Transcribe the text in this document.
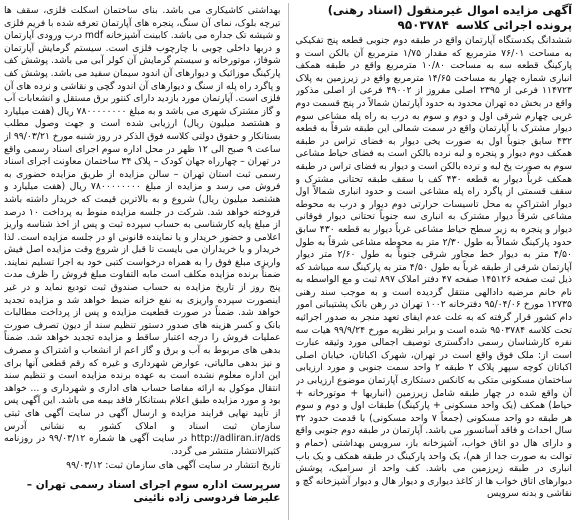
آگهی مزایده اموال غیرمنقول (اسناد رهنی) پرونده اجرائی کلاسه ۹۵۰۳۷۸۴

ششدانگ یکدستگاه آپارتمان واقع در طبقه دوم جنوبی قطعه پنج تفکیکی به مساحت ۷۶/۰۱ مترمربع که مقدار ۱/۷۵ مترمربع آن بالکن است و پارکینگ قطعه سه به مساحت ۱۰/۸۰ مترمربع واقع در طبقه همکف انباری شماره چهار به مساحت ۱۴/۶۵ مترمربع واقع در زیرزمین به پلاک ۱۱۴۷۲۳ فرعی از ۲۳۹۵ اصلی مفروز از ۴۹۰۰۲ فرعی از اصلی مذکور واقع در بخش ده تهران محدود به حدود آپارتمان شمالاً در پنج قسمت دوم غربی چهارم شرقی اول و دوم و سوم به درب به راه پله مشاعی سوم دیوار مشترک با آپارتمان واقع در سمت شمالی این طبقه شرقاً به قطعه ۴۳۲ سابق جنوباً اول به صورت یخی دیوار به فضای تراس در طبقه همکف دوم دیوار و پنجره و لبه نرده بالکن است به فضای حیاط مشاعی سوم به صورت پخ لبه و نرده بالکن است و دیوار به فضای تراس در طبقه همکف غرباً دیوار به قطعه ۴۳۰ کف با سقف طبقه تحتانی مشترک و سقف قسمتی از پاگرد راه پله مشاعی است و حدود انباری شمالاً اول دیوار اشتراکی به محل تاسیسات حرارتی دوم دیوار و درب به محوطه مشاعی شرقاً دیوار مشترک به انباری سه جنوباً تحتانی دیوار فوقانی دیوار و پنجره به زیر سطح حیاط مشاعی غرباً دیوار به قطعه ۴۳۰ سابق حدود پارکینگ شمالاً به طول ۲/۳۰ متر به محوطه مشاعی شرقاً به طول ۴/۵۰ متر به دیوار خط مجاور شرقی جنوباً به طول ۲/۶۰ متر دیوار آپارتمان شرقی از طبقه غرباً به طول ۴/۵۰ متر به پارکینگ سه میباشد که ذیل ثبت صفحه ۱۴۵۱۲۶ صفحه ۴۷ دفتر املاک ۸۹۷ ثبت و مع الواسطه به نام خانم مرضیه دادالهی منتقل گردیده است و به موجب سند رهنی ۱۲۷۳۵ مورخ ۹۵/۰۴/۰۶ دفترخانه ۱۰۰۲ تهران در رهن بانک پشتیبانی امور دام کشور قرار گرفته که به علت عدم ایفای تعهد منجر به صدور اجرائیه تحت کلاسه ۹۵۰۳۷۸۴ شده است و برابر نظریه مورخ ۹۹/۹/۲۴ هیات سه نفره کارشناسان رسمی دادگستری توصیف اجمالی مورد وثیقه عبارت است از: ملک فوق واقع است در تهران، شهرک اکباتان، خیابان اصلی اکباتان کوچه سپهر پلاک ۲ طبقه ۲ واحد سمت جنوبی و مورد ارزیابی ساختمان مسکونی متکی به کانکس دستکاری آپارتمان موضوع ارزیابی در آن واقع شده در چهار طبقه شامل زیرزمین (انباریها + موتورخانه + حیاط) همکف (یک واحد مسکونی + پارکینگ) طبقات اول و دوم و سوم هر طبقه دو واحد مسکونی (جمعاً ۷ واحد مسکونی) با قدمت حدود ۳۲ سال احداث و فاقد آسانسور می باشد. آپارتمان در طبقه دوم جنوبی واقع و دارای هال دو اتاق خواب، آشپزخانه باز، سرویس بهداشتی (حمام و توالت به صورت جدا از هم)، یک واحد پارکینگ در طبقه همکف و یک باب انباری در طبقه زیرزمین می باشد. کف واحد از سرامیک، پوشش دیوارهای اتاق خواب ها از کاغذ دیواری و دیوار هال و دیوار آشپزخانه گچ و نقاشی و بدنه سرویس

بهداشتی کاشیکاری می باشد. بنای ساختمان اسکلت فلزی، سقف ها تیرچه بلوک، نمای آن سنگ، پنجره های آپارتمان تعرفه شده با فریم فلزی و شیشه تک جداره می باشد. کابینت آشپزخانه mdf درب ورودی آپارتمان و دربها داخلی چوبی با چارچوب فلزی است. سیستم گرمایش آپارتمان شوفاژ، موتورخانه و سیستم گرمایش آن کولر آبی می باشد. پوشش کف پارکینگ موزائیک و دیوارهای آن اندود سیمان سفید می باشد. پوشش کف و پاگرد راه پله از سنگ و دیوارهای آن اندود گچی و نقاشی و نرده های آن فلزی است. آپارتمان مورد بازدید دارای کنتور برق مستقل و انشعابات آب و گاز مشترک شهری می باشد و به مبلغ ۷۸۰۰۰۰۰۰۰۰ ریال (هفت میلیارد و هشتصد میلیون ریال) ارزیابی شده است و جهت وصول مطلب بستانکار و حقوق دولتی کلاسه فوق الذکر در روز شنبه مورخ ۹۹/۰۳/۲۱ از ساعت ۹ صبح الی ۱۲ ظهر در محل اداره سوم اجرای اسناد رسمی واقع در تهران – چهارراه جهان کودک – پلاک ۳۴ ساختمان معاونت اجرای اسناد رسمی ثبت استان تهران – سالن مزایده از طریق مزایده حضوری به فروش می رسد و مزایده از مبلغ ۷۸۰۰۰۰۰۰۰۰ ریال (هفت میلیارد و هشتصد میلیون ریال) شروع و به بالاترین قیمت که خریدار داشته باشد فروخته خواهد شد. شرکت در جلسه مزایده منوط به پرداخت ۱۰ درصد از مبلغ پایه کارشناسی به حساب سپرده ثبت و پس از اخذ شناسه واریز اعلامی و حضور خریدار و یا نماینده قانونی او در جلسه مزایده است. لذا خریدار و یا خریداران می بایست تا قبل از شروع وقت مزایده اصل فیش واریزی مبلغ فوق را به همراه درخواست کتبی خود به اجرا تسلیم نمایند. ضمناً برنده مزایده مکلف است مابه التفاوت مبلغ فروش را ظرف مدت پنج روز از تاریخ مزایده به حساب صندوق ثبت تودیع نماید و در غیر اینصورت سپرده واریزی به نفع خزانه ضبط خواهد شد و مزایده تجدید خواهد شد. ضمناً در صورت قطعیت مزایده و پس از پرداخت مطالبات بانک و کسر هزینه های صدور دستور تنظیم سند از دیون تصرف صورت عملیات فروش را درجه اعتبار ساقط و مزایده تجدید خواهد شد. ضمناً بدهی های مربوط به آب و برق و گاز اعم از انشعاب و اشتراک و مصرف و نیز بدهی مالیاتی، عوارض شهرداری و غیره که رقم قطعی آنها برای این اداره معلوم نشده است به عهده برنده مزایده است و تنظیم سند انتقال موکول به ارائه مفاصا حساب های اداری و شهرداری و ... خواهد بود و مورد مزایده طبق اعلام بستانکار فاقد بیمه می باشد. این آگهی پس از تأیید نهایی فرایند مزایده و ارسال آگهی در سایت آگهی های ثبتی سازمان ثبت اسناد و املاک کشور به نشانی آدرس http://adliran.ir/ads در سایت آگهی ها شماره ۹۹/۰۳/۱۲ در روزنامه کثیرالانتشار منتشر می گردد.

تاریخ انتشار در سایت آگهی های سازمان ثبت: ۹۹/۰۳/۱۲

سرپرست اداره سوم اجرای اسناد رسمی تهران – علیرضا فردوسی زاده نائینی
